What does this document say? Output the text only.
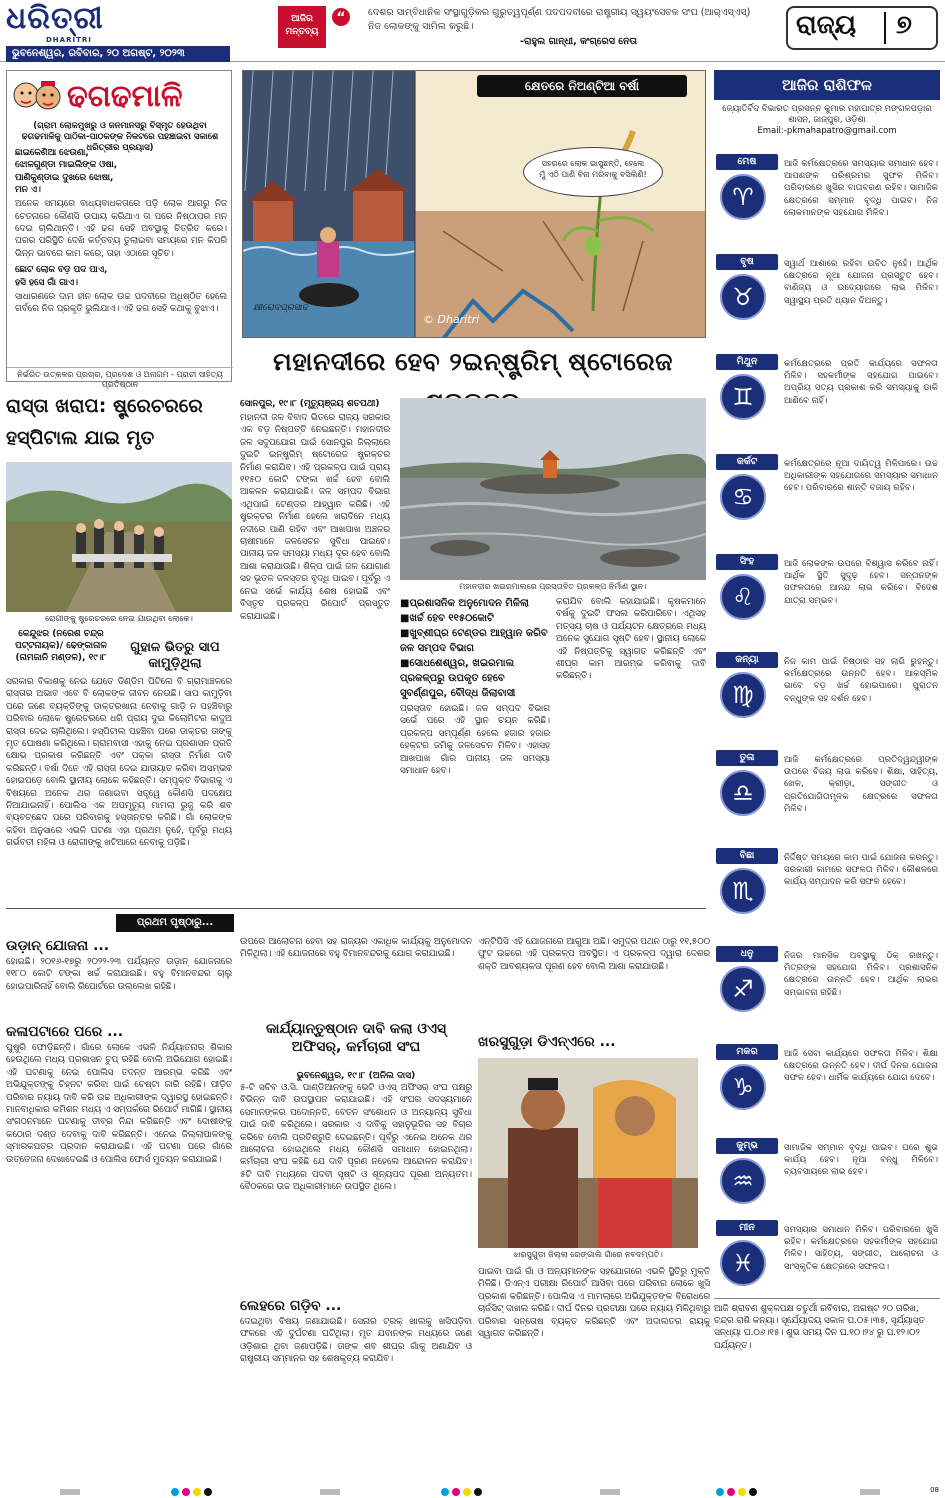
ଧରିତ୍ରୀ
DHARITRI
ଭୁବନେଶ୍ୱର, ରବିବାର, ୨୦ ଅଗଷ୍ଟ, ୨୦୨୩
ଆଜିର ମନ୍ତବ୍ୟ
“	ଦେଶର ସାମ୍ବିଧାନିକ ସଂସ୍ଥାଗୁଡ଼ିକର ଗୁରୁତ୍ୱପୂର୍ଣ୍ଣ ପଦପଦବୀରେ ରାଷ୍ଟ୍ରୀୟ ସ୍ୱୟଂସେବକ ସଂଘ (ଆର୍‌ଏସ୍‌ଏସ୍‌) ନିଜ ଲୋକଙ୍କୁ ସାମିଲ କରୁଛି।
-ରାହୁଲ ଗାନ୍ଧୀ, କଂଗ୍ରେସ ନେତା
ରାଜ୍ୟ ୭
ଢଗଢମାଳି
(ଗ୍ରାମ ଲୋକମୁଖରୁ ଓ ଜନମାନସରୁ ବିସ୍ମୃତ ହେଉଥିବା ଢଗଢମାଳିକୁ ପାଠିକା-ପାଠକଙ୍କ ନିକଟରେ ପହଞ୍ଚାଇବା ସକାଶେ ଧରିତ୍ରୀର ପ୍ରୟାସ)
ଛାଇକେଣିଆ ଝେଉଣା,
ଝୋଳଗୁଣ୍ଡା ମାଇଲିଙ୍କ ଓଷା,
ପାଣିକୁଣ୍ଡାଇ ଦୁଖରେ ଝୋଷା,
ମନ ଏ।
ଅନେକ ସମୟରେ ବାଧ୍ୟବାଧକତାରେ ପଡ଼ି ଲୋକ ଆଗରୁ ନିଜ ଚେତନାରେ କୌଣସି ଉପାୟ କରିଥାଏ ତା ପରେ ନିଷ୍ଠାପର ମନ ଦେଇ ଚାଲିଥାନ୍ତି। ଏହି ଢଗ ସେହି ଅବସ୍ଥାକୁ ଚିତ୍ରିତ କରେ। ଘରର ପରିସ୍ଥିତି ଦେଖି କର୍ତ୍ତବ୍ୟ ତୁଲାଇବା ସମୟରେ ମନ କିପରି ଭିନ୍ନ ଭାବରେ କାମ କରେ, ତାହା ଏଠାରେ ସୂଚିତ।
ଛୋଟ ଲୋକ ବଡ଼ ପଦ ପାଏ,
ହସି ହସେ ଗାଁ ଗାଏ।
ସାଧାରଣରେ ଦାମ ହୀନ ଲୋକ ଉଚ୍ଚ ପଦବୀରେ ଅଧିଷ୍ଠିତ ହେଲେ ଗର୍ବରେ ନିଜ ପ୍ରକୃତି ଭୁଲିଯାଏ। ଏହି ଢଗ ସେହି କଥାକୁ ବୁଝାଏ।
ନିର୍ଭରିତ ଉତ୍କଳର ପ୍ରଚାର, ପ୍ରଦେଶ ଓ ଅନାଗମ - ପ୍ରାଚୀ ସାହିତ୍ୟ ପ୍ରତିଷ୍ଠାନ
ରାସ୍ତା ଖରାପ: ଷ୍ଟ୍ରେଚରରେ ହସ୍ପିଟାଲ ଯାଇ ମୃତ
ରୋଗୀଙ୍କୁ ଷ୍ଟ୍ରେଚରରେ ନେଇ ଯାଉଥିବା ଲୋକେ।
କେନ୍ଦୁଝର (ନରେଶ ଚନ୍ଦ୍ର ପଟ୍ଟନାୟକ)/ ଢେଙ୍କାନାଳ (ନାମଜାନି ମଣ୍ଡଳ), ୧୯।୮
ଗୁହାଳ ଭିତରୁ ସାପ କାମୁଡ଼ିଥିଲା
ସରକାର ବିକାଶକୁ ନେଇ ଯେତେ ଡିଣ୍ଡିମ ପିଟିଲେ ବି ଗ୍ରାମାଞ୍ଚଳରେ ରାସ୍ତାର ଅଭାବ ଏବେ ବି ଲୋକଙ୍କ ଜୀବନ ନେଉଛି। ସାପ କାମୁଡ଼ିବା ପରେ ଜଣେ ବ୍ୟକ୍ତିଙ୍କୁ ଡାକ୍ତରଖାନା ନେବାକୁ ଗାଡ଼ି ନ ପହଞ୍ଚିବାରୁ ପରିବାର ଲୋକେ ଷ୍ଟ୍ରେଚରରେ ଧରି ପ୍ରାୟ ଦୁଇ କିଲୋମିଟର କାଦୁଅ ରାସ୍ତା ଦେଇ ଚାଲିଥିଲେ। ହସ୍ପିଟାଲ ପହଞ୍ଚିବା ପରେ ଡାକ୍ତର ତାଙ୍କୁ ମୃତ ଘୋଷଣା କରିଥିଲେ। ଗ୍ରାମବାସୀ ଏହାକୁ ନେଇ ପ୍ରଶାସନ ପ୍ରତି କ୍ଷୋଭ ପ୍ରକାଶ କରିଛନ୍ତି ଏବଂ ପକ୍କା ରାସ୍ତା ନିର୍ମାଣ ଦାବି କରିଛନ୍ତି। ବର୍ଷା ଦିନେ ଏହି ରାସ୍ତା ଦେଇ ଯାତାୟାତ କରିବା ଅସମ୍ଭବ ହୋଇପଡ଼େ ବୋଲି ସ୍ଥାନୀୟ ଲୋକେ କହିଛନ୍ତି। ସମ୍ପୃକ୍ତ ବିଭାଗକୁ ଏ ବିଷୟରେ ଅନେକ ଥର ଜଣାଇବା ସତ୍ତ୍ୱେ କୌଣସି ପଦକ୍ଷେପ ନିଆଯାଇନାହିଁ। ପୋଲିସ ଏକ ଅପମୃତ୍ୟୁ ମାମଲା ରୁଜୁ କରି ଶବ ବ୍ୟବଚ୍ଛେଦ ପରେ ପରିବାରକୁ ହସ୍ତାନ୍ତର କରିଛି। ଗାଁ ଲୋକଙ୍କ କହିବା ଅନୁସାରେ ଏଭଳି ଘଟଣା ଏହା ପ୍ରଥମ ନୁହେଁ, ପୂର୍ବରୁ ମଧ୍ୟ ଗର୍ଭବତୀ ମହିଳା ଓ ରୋଗୀଙ୍କୁ ଖଟିଆରେ ନେବାକୁ ପଡ଼ିଛି।
କ୍ଷେତରେ ନିଅଣ୍ଟିଆ ବର୍ଷା
ସହରରେ ଲୋକ ଭାସୁଛନ୍ତି, ହେଲେ ମୁଁ ଏଠି ପାଣି ବିନା ମରିବାକୁ ବସିଲିଣି!
କ୍ଷୀରୋଦପ୍ରସାଦ
© Dharitri
ମହାନଦୀରେ ହେବ ୨ଇନ୍‌ଷ୍ଟ୍ରିମ୍ ଷ୍ଟୋରେଜ
ସୋନପୁର, ୧୯।୮ (ମୃତ୍ୟୁଞ୍ଜୟ ଶତପଥୀ)
ମହାନଦୀ ଜଳ ବିବାଦ ଭିତରେ ରାଜ୍ୟ ସରକାର ଏକ ବଡ଼ ନିଷ୍ପତ୍ତି ନେଇଛନ୍ତି। ମହାନଦୀର ଜଳ ସଦୁପଯୋଗ ପାଇଁ ସୋନପୁର ଜିଲ୍ଲାରେ ଦୁଇଟି ଇନ୍‌ଷ୍ଟ୍ରିମ୍ ଷ୍ଟୋରେଜ ଷ୍ଟ୍ରକ୍ଚର ନିର୍ମାଣ କରାଯିବ। ଏହି ପ୍ରକଳ୍ପ ପାଇଁ ପ୍ରାୟ ୧୧୫୦ କୋଟି ଟଙ୍କା ଖର୍ଚ୍ଚ ହେବ ବୋଲି ଆକଳନ କରାଯାଇଛି। ଜଳ ସମ୍ପଦ ବିଭାଗ ଏଥିପାଇଁ ଟେଣ୍ଡର ଆହ୍ୱାନ କରିଛି। ଏହି ଷ୍ଟ୍ରକ୍ଚର ନିର୍ମାଣ ହେଲେ ଖରାଦିନେ ମଧ୍ୟ ନଦୀରେ ପାଣି ରହିବ ଏବଂ ଆଖପାଖ ଅଞ୍ଚଳର ଚାଷୀମାନେ ଜଳସେଚନ ସୁବିଧା ପାଇବେ। ପାନୀୟ ଜଳ ସମସ୍ୟା ମଧ୍ୟ ଦୂର ହେବ ବୋଲି ଆଶା କରାଯାଉଛି। ଶିଳ୍ପ ପାଇଁ ଜଳ ଯୋଗାଣ ସହ ଭୂତଳ ଜଳସ୍ତର ବୃଦ୍ଧି ପାଇବ। ପୂର୍ବରୁ ଏ ନେଇ ସର୍ଭେ କାର୍ଯ୍ୟ ଶେଷ ହୋଇଛି ଏବଂ ବିସ୍ତୃତ ପ୍ରକଳ୍ପ ରିପୋର୍ଟ ପ୍ରସ୍ତୁତ କରାଯାଇଛି।
ମହାନଦୀର ଖଇରମାଲରେ ପ୍ରସ୍ତାବିତ ପ୍ରକଳ୍ପ ନିର୍ମାଣ ସ୍ଥାନ।
■ ପ୍ରଶାସନିକ ଅନୁମୋଦନ ମିଳିଲା
■ ଖର୍ଚ୍ଚ ହେବ ୧୧୫୦କୋଟି
■ ଖୁବ୍‌ଶୀଘ୍ର ଟେଣ୍ଡର ଆହ୍ୱାନ କରିବ ଜଳ ସମ୍ପଦ ବିଭାଗ
■ ସୋଧଶେଶ୍ୱର, ଖଇରମାଲ ପ୍ରକଳ୍ପରୁ ଉପକୃତ ହେବେ ସୁବର୍ଣ୍ଣପୁର, ବୌଦ୍ଧ ଜିଲାବାସୀ
ପ୍ରସ୍ତାବ ହୋଇଛି। ଜଳ ସମ୍ପଦ ବିଭାଗ ସର୍ଭେ ପରେ ଏହି ସ୍ଥାନ ଚୟନ କରିଛି। ପ୍ରକଳ୍ପ ସମ୍ପୂର୍ଣ୍ଣ ହେଲେ ହଜାର ହଜାର ହେକ୍ଟର ଜମିକୁ ଜଳସେଚନ ମିଳିବ। ଏହାସହ ଆଖପାଖ ଗାଁର ପାନୀୟ ଜଳ ସମସ୍ୟା ସମାଧାନ ହେବ।
କରାଯିବ ବୋଲି କହାଯାଇଛି। କୃଷକମାନେ ବର୍ଷକୁ ଦୁଇଟି ଫସଲ କରିପାରିବେ। ଏଥିସହ ମତ୍ସ୍ୟ ଚାଷ ଓ ପର୍ଯ୍ୟଟନ କ୍ଷେତ୍ରରେ ମଧ୍ୟ ଅନେକ ସୁଯୋଗ ସୃଷ୍ଟି ହେବ। ସ୍ଥାନୀୟ ଲୋକେ ଏହି ନିଷ୍ପତ୍ତିକୁ ସ୍ୱାଗତ କରିଛନ୍ତି ଏବଂ ଶୀଘ୍ର କାମ ଆରମ୍ଭ କରିବାକୁ ଦାବି କରିଛନ୍ତି।
ଆଜିର ରାଶିଫଳ
ଜ୍ୟୋତିର୍ବିଦ ବିଭାରତ ପ୍ରସନ୍ନ କୁମାର ମହାପାତ୍ର ମଙ୍ଗଳପଡ଼ାର ଶାସନ, ଜାଜ୍ପୁର, ଓଡ଼ିଶା
Email:-pkmahapatro@gmail.com
ମେଷ
♈
ଆଜି କର୍ମକ୍ଷେତ୍ରରେ ସମସ୍ୟାର ସମାଧାନ ହେବ। ଆପଣଙ୍କ ପରିଶ୍ରମର ସୁଫଳ ମିଳିବ। ପରିବାରରେ ଖୁସିର ବାତାବରଣ ରହିବ। ସାମାଜିକ କ୍ଷେତ୍ରରେ ସମ୍ମାନ ବୃଦ୍ଧି ପାଇବ। ନିଜ ଲୋକମାନଙ୍କ ସହଯୋଗ ମିଳିବ।
ବୃଷ
♉
ସ୍ୱାର୍ଥ ଆଶାରେ ରହିବା ଉଚିତ ନୁହେଁ। ଆର୍ଥିକ କ୍ଷେତ୍ରରେ ନୂଆ ଯୋଜନା ପ୍ରସ୍ତୁତ ହେବ। ବାଣିଜ୍ୟ ଓ ଉଦ୍ୟୋଗରେ ଲାଭ ମିଳିବ। ସ୍ୱାସ୍ଥ୍ୟ ପ୍ରତି ଧ୍ୟାନ ଦିଅନ୍ତୁ।
ମିଥୁନ
♊
କର୍ମକ୍ଷେତ୍ରରେ ପ୍ରତି କାର୍ଯ୍ୟରେ ସଫଳତା ମିଳିବ। ସହକର୍ମୀଙ୍କ ସହଯୋଗ ପାଇବେ। ଅପ୍ରିୟ ସତ୍ୟ ପ୍ରକାଶ କରି ସମସ୍ୟାକୁ ଡାକି ଆଣିବେ ନାହିଁ।
କର୍କଟ
♋
କର୍ମକ୍ଷେତ୍ରରେ ନୂଆ ଦାୟିତ୍ୱ ମିଳିପାରେ। ଉଚ୍ଚ ଅଧିକାରୀଙ୍କ ସହଯୋଗରେ ସମସ୍ୟାର ସମାଧାନ ହେବ। ପରିବାରରେ ଶାନ୍ତି ବଜାୟ ରହିବ।
ସିଂହ
♌
ଆଜି ଲୋକଙ୍କ ଉପରେ ବିଶ୍ୱାସ କରିବେ ନାହିଁ। ଆର୍ଥିକ ସ୍ଥିତି ସୁଦୃଢ଼ ହେବ। ସନ୍ତାନଙ୍କ ସଫଳତାରେ ଆନନ୍ଦ ଲାଭ କରିବେ। ବିଦେଶ ଯାତ୍ରା ସମ୍ଭବ।
କନ୍ୟା
♍
ନିଜ କାମ ପାଇଁ ନିଷ୍ଠାର ସହ ଲାଗି ରୁହନ୍ତୁ। କର୍ମକ୍ଷେତ୍ରରେ ଉନ୍ନତି ହେବ। ଆକସ୍ମିକ ଭାବେ ବଡ଼ ଖର୍ଚ୍ଚ ହୋଇପାରେ। ପୁରାତନ ବନ୍ଧୁଙ୍କ ସହ ଦର୍ଶନ ହେବ।
ତୁଳା
♎
ଆଜି କର୍ମକ୍ଷେତ୍ରରେ ପ୍ରତିଦ୍ୱନ୍ଦ୍ୱୀଙ୍କ ଉପରେ ବିଜୟ ଲାଭ କରିବେ। ଶିକ୍ଷା, ସାହିତ୍ୟ, ଖେଳ, କ୍ରୀଡ଼ା, ସଙ୍ଗୀତ ଓ ପ୍ରତିଯୋଗିତାମୂଳକ କ୍ଷେତ୍ରରେ ସଫଳତା ମିଳିବ।
ବିଛା
♏
ନିର୍ଦ୍ଦିଷ୍ଟ ସମୟରେ କାମ ପାଇଁ ଯୋଜନା କରନ୍ତୁ। ସରକାରୀ କାମରେ ସଫଳତା ମିଳିବ। କୌଶଳରେ କାର୍ଯ୍ୟ ସମ୍ପାଦନ କରି ସଫଳ ହେବେ।
ଧନୁ
♐
ନିଜର ମାନସିକ ଅବସ୍ଥାକୁ ଠିକ୍ ରଖନ୍ତୁ। ମିତ୍ରଙ୍କ ସହଯୋଗ ମିଳିବ। ପ୍ରଶାସନିକ କ୍ଷେତ୍ରରେ ଉନ୍ନତି ହେବ। ଆର୍ଥିକ ଲାଭର ସମ୍ଭାବନା ରହିଛି।
ମକର
♑
ଆଜି ସେବା କାର୍ଯ୍ୟରେ ସଫଳତା ମିଳିବ। ଶିକ୍ଷା କ୍ଷେତ୍ରରେ ଉନ୍ନତି ହେବ। ଦୀର୍ଘ ଦିନର ଯୋଜନା ସଫଳ ହେବ। ଧାର୍ମିକ କାର୍ଯ୍ୟରେ ଯୋଗ ଦେବେ।
କୁମ୍ଭ
♒
ସାମାଜିକ ସମ୍ମାନ ବୃଦ୍ଧି ପାଇବ। ଘରେ ଶୁଭ କାର୍ଯ୍ୟ ହେବ। ନୂଆ ବନ୍ଧୁ ମିଳିବେ। ବ୍ୟବସାୟରେ ଲାଭ ହେବ।
ମୀନ
♓
ସମସ୍ୟାର ସମାଧାନ ମିଳିବ। ପରିବାରରେ ଖୁସି ରହିବ। କର୍ମକ୍ଷେତ୍ରରେ ସହକର୍ମୀଙ୍କ ସହଯୋଗ ମିଳିବ। ସାହିତ୍ୟ, ସଙ୍ଗୀତ, ଆଲୋଚନା ଓ ସାଂସ୍କୃତିକ କ୍ଷେତ୍ରରେ ସଫଳତା।
ଆଜି ଶ୍ରାବଣ ଶୁକ୍ଳପକ୍ଷ ଚତୁର୍ଥୀ ରବିବାର, ଅଗଷ୍ଟ ୨୦ ତାରିଖ, ଚନ୍ଦ୍ର ରାଶି କନ୍ୟା। ସୂର୍ଯ୍ୟୋଦୟ ସକାଳ ଘ.୦୫।୩୫, ସୂର୍ଯ୍ୟାସ୍ତ ସନ୍ଧ୍ୟା ଘ.୦୬।୧୫। ଶୁଭ ସମୟ ଦିନ ଘ.୧୦।୨୪ ରୁ ଘ.୧୨।୦୨ ପର୍ଯ୍ୟନ୍ତ।
ପ୍ରଥମ ପୃଷ୍ଠାରୁ...
ଉଡ଼ାନ୍ ଯୋଜନା ...
ହୋଇଛି। ୨୦୧୬-୧୭ରୁ ୨୦୨୨-୨୩ ପର୍ଯ୍ୟନ୍ତ ଉଡ଼ାନ୍ ଯୋଜନାରେ ୧୧୮୦ କୋଟି ଟଙ୍କା ଖର୍ଚ୍ଚ କରାଯାଇଛି। ବହୁ ବିମାନବନ୍ଦର ଚାଲୁ ହୋଇପାରିନାହିଁ ବୋଲି ରିପୋର୍ଟରେ ଉଲ୍ଲେଖ ରହିଛି।
କଳାପଟାରେ ପରେ ...
ଘୁଷୁରି ଫୋଡ଼ିଛନ୍ତି। ଗାଁରେ ଲୋକେ ଏଭଳି ନିର୍ଯ୍ୟାତନାର ଶିକାର ହେଉଥିଲେ ମଧ୍ୟ ପ୍ରଶାସନ ଚୁପ୍ ରହିଛି ବୋଲି ଅଭିଯୋଗ ହୋଇଛି। ଏହି ଘଟଣାକୁ ନେଇ ପୋଲିସ ତଦନ୍ତ ଆରମ୍ଭ କରିଛି ଏବଂ ଅଭିଯୁକ୍ତଙ୍କୁ ଚିହ୍ନଟ କରିବା ପାଇଁ ଚେଷ୍ଟା ଜାରି ରହିଛି। ପୀଡ଼ିତ ପରିବାର ନ୍ୟାୟ ଦାବି କରି ଉଚ୍ଚ ଅଧିକାରୀଙ୍କ ଦ୍ୱାରସ୍ଥ ହୋଇଛନ୍ତି। ମାନବାଧିକାର କମିଶନ ମଧ୍ୟ ଏ ସମ୍ପର୍କରେ ରିପୋର୍ଟ ମାଗିଛି। ସ୍ଥାନୀୟ ସଂଗଠନମାନେ ଘଟଣାକୁ ତୀବ୍ର ନିନ୍ଦା କରିଛନ୍ତି ଏବଂ ଦୋଷୀଙ୍କୁ କଠୋର ଦଣ୍ଡ ଦେବାକୁ ଦାବି କରିଛନ୍ତି। ଏନେଇ ଜିଲ୍ଲାପାଳଙ୍କୁ ସ୍ମାରକପତ୍ର ପ୍ରଦାନ କରାଯାଇଛି। ଏହି ଘଟଣା ପରେ ଗାଁରେ ଉତ୍ତେଜନା ଦେଖାଦେଇଛି ଓ ପୋଲିସ ଫୋର୍ସ ମୁତୟନ କରାଯାଇଛି।
ଉପରେ ଆଲୋଚନା ହେବା ସହ ରାଜ୍ୟର ଏକାଧିକ କାର୍ଯ୍ୟକୁ ଅନୁମୋଦନ ମିଳିଥିଲା। ଏହି ଯୋଜନାରେ ବହୁ ବିମାନବନ୍ଦରକୁ ଯୋଗ କରାଯାଇଛି।
କାର୍ଯ୍ୟାନ୍ତୁଷ୍ଠାନ ଦାବି କଲା ଓଏସ୍ ଅଫିସର୍, କର୍ମଚାରୀ ସଂଘ
ଭୁବନେଶ୍ୱର, ୧୯।୮ (ଅନିଲ ଦାସ)
୫-ଟି ସଚିବ ଓ.ସି. ପାଣ୍ଡିଆନଙ୍କୁ ଭେଟି ଓଏସ୍ ଅଫିସର୍ ସଂଘ ପକ୍ଷରୁ ବିଭିନ୍ନ ଦାବି ଉପସ୍ଥାପନ କରାଯାଇଛି। ଏହି ସଂଘର ସଦସ୍ୟମାନେ ସେମାନଙ୍କର ପଦୋନ୍ନତି, ବେତନ ସଂଶୋଧନ ଓ ଅନ୍ୟାନ୍ୟ ସୁବିଧା ପାଇଁ ଦାବି କରିଥିଲେ। ସରକାର ଏ ଦାବିକୁ ସହାନୁଭୂତିର ସହ ବିଚାର କରିବେ ବୋଲି ପ୍ରତିଶ୍ରୁତି ଦେଇଛନ୍ତି। ପୂର୍ବରୁ ଏନେଇ ଅନେକ ଥର ଆଲୋଚନା ହୋଇଥିଲେ ମଧ୍ୟ କୌଣସି ସମାଧାନ ହୋଇନଥିଲା। କର୍ମଚାରୀ ସଂଘ କହିଛି ଯେ ଦାବି ପୂରଣ ନହେଲେ ଆନ୍ଦୋଳନ କରାଯିବ। ୫ଟି ଦାବି ମଧ୍ୟରେ ପଦବୀ ସୃଷ୍ଟି ଓ ଶୂନ୍ୟପଦ ପୂରଣ ଅନ୍ୟତମ। ବୈଠକରେ ଉଚ୍ଚ ଅଧିକାରୀମାନେ ଉପସ୍ଥିତ ଥିଲେ।
ଲେହରେ ଗଡ଼ିବ ...
ଦେଇଥିବା ବିଷୟ ଜଣାଯାଇଛି। ସେନାର ଟ୍ରକ୍ ଖାଲକୁ ଖସିପଡ଼ିବା ଫଳରେ ଏହି ଦୁର୍ଘଟଣା ଘଟିଥିଲା। ମୃତ ଯବାନଙ୍କ ମଧ୍ୟରେ ଜଣେ ଓଡ଼ିଶାର ଥିବା ଜଣାପଡ଼ିଛି। ତାଙ୍କ ଶବ ଶୀଘ୍ର ଗାଁକୁ ଅଣାଯିବ ଓ ରାଷ୍ଟ୍ରୀୟ ସମ୍ମାନର ସହ ଶେଷକୃତ୍ୟ କରାଯିବ।
ଏନ୍‌ଟିପିସି ଏହି ଯୋଜନାରେ ଆଗୁଆ ଅଛି। ସମୁଦ୍ର ପଥନ ଠାରୁ ୧୧,୫୦୦ ଫୁଟ ଉଚ୍ଚରେ ଏହି ପ୍ରକଳ୍ପ ଅବସ୍ଥିତ। ଏ ପ୍ରକଳ୍ପ ଦ୍ୱାରା ଦେଶର ଶକ୍ତି ଆବଶ୍ୟକତା ପୂରଣ ହେବ ବୋଲି ଆଶା କରାଯାଉଛି।
ଖରସୁଗୁଡ଼ା ଡିଏନ୍‌ଏରେ ...
ଝାରସୁଗୁଡ଼ା ଜିଲ୍ଲା ରେଙ୍ଗାଲି ଗାଁରେ ନବଦମ୍ପତି।
ପାଇବା ପାଇଁ ଗାଁ ଓ ଅନ୍ୟମାନଙ୍କ ସହଯୋଗରେ ଏଭଳି ସ୍ଥିତିରୁ ମୁକ୍ତି ମିଳିଛି। ଡିଏନ୍‌ଏ ପରୀକ୍ଷା ରିପୋର୍ଟ ଆସିବା ପରେ ପରିବାର ଲୋକେ ଖୁସି ପ୍ରକାଶ କରିଛନ୍ତି। ପୋଲିସ ଏ ମାମଲାରେ ଅଭିଯୁକ୍ତଙ୍କ ବିରୋଧରେ ଚାର୍ଜସିଟ୍ ଦାଖଲ କରିଛି। ଦୀର୍ଘ ଦିନର ପ୍ରତୀକ୍ଷା ପରେ ନ୍ୟାୟ ମିଳିଥିବାରୁ ପରିବାର ସନ୍ତୋଷ ବ୍ୟକ୍ତ କରିଛନ୍ତି ଏବଂ ଅଦାଲତର ରାୟକୁ ସ୍ୱାଗତ କରିଛନ୍ତି।
08
